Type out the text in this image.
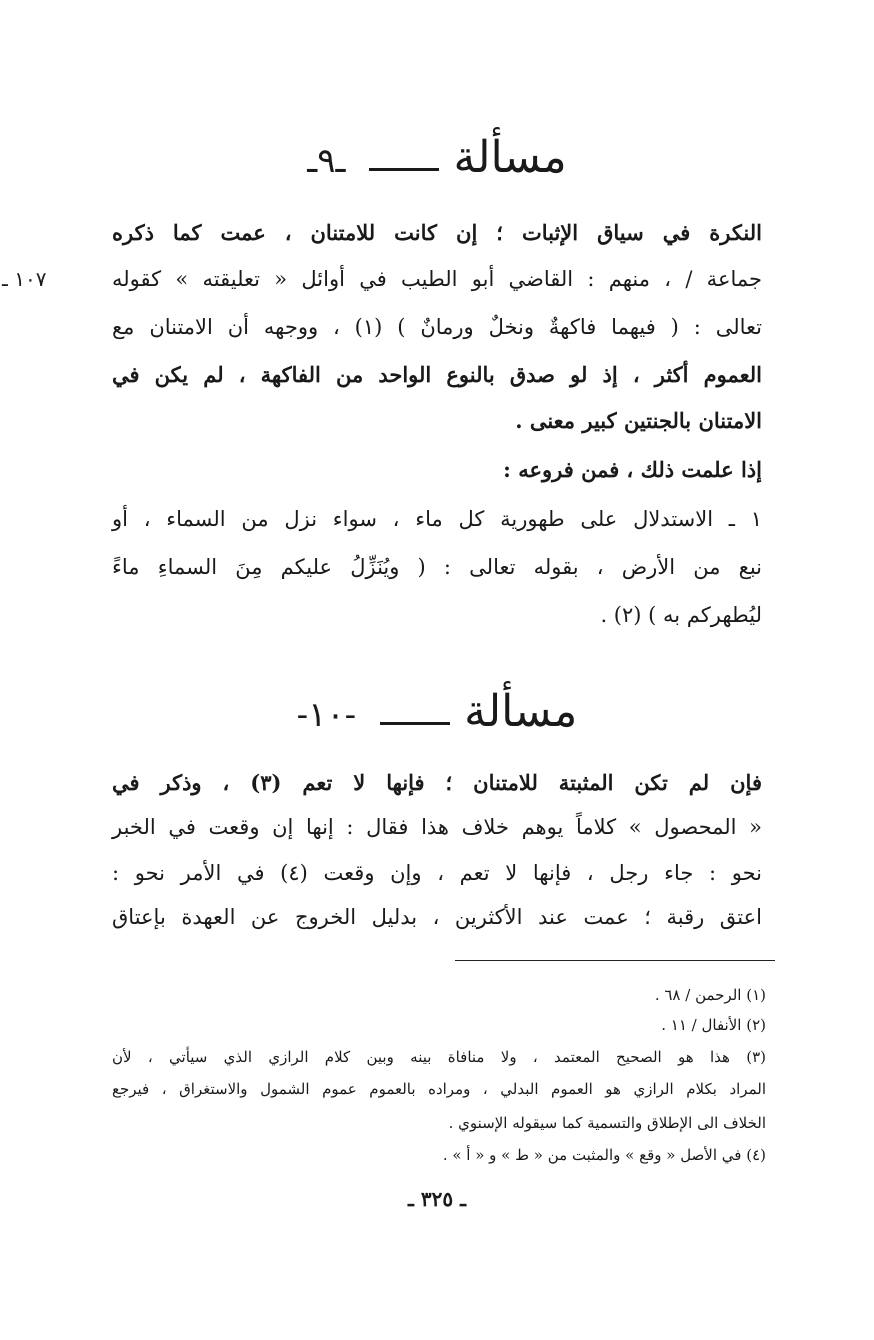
مسألة  ـ٩ـ
النكرة في سياق الإثبات ؛ إن كانت للامتنان ، عمت كما ذكره
جماعة / ، منهم : القاضي أبو الطيب في أوائل « تعليقته » كقوله
١٠٧ ـ
تعالى : ( فيهما فاكهةٌ ونخلٌ ورمانٌ ) (١) ، ووجهه أن الامتنان مع
العموم أكثر ، إذ لو صدق بالنوع الواحد من الفاكهة ، لم يكن في
الامتنان بالجنتين كبير معنى .
إذا علمت ذلك ، فمن فروعه :
١ ـ الاستدلال على طهورية كل ماء ، سواء نزل من السماء ، أو
نبع من الأرض ، بقوله تعالى : ( ويُنَزِّلُ عليكم مِنَ السماءِ ماءً
ليُطهركم به ) (٢) .
مسألة  -١٠-
فإن لم تكن المثبتة للامتنان ؛ فإنها لا تعم (٣) ، وذكر في
« المحصول » كلاماً يوهم خلاف هذا فقال : إنها إن وقعت في الخبر
نحو : جاء رجل ، فإنها لا تعم ، وإن وقعت (٤) في الأمر نحو :
اعتق رقبة ؛ عمت عند الأكثرين ، بدليل الخروج عن العهدة بإعتاق
(١) الرحمن / ٦٨ .
(٢) الأنفال / ١١ .
(٣) هذا هو الصحيح المعتمد ، ولا منافاة بينه وبين كلام الرازي الذي سيأتي ، لأن
المراد بكلام الرازي هو العموم البدلي ، ومراده بالعموم عموم الشمول والاستغراق ، فيرجع
الخلاف الى الإطلاق والتسمية كما سيقوله الإسنوي .
(٤) في الأصل « وقع » والمثبت من « ط » و « أ » .
ـ ٣٢٥ ـ
